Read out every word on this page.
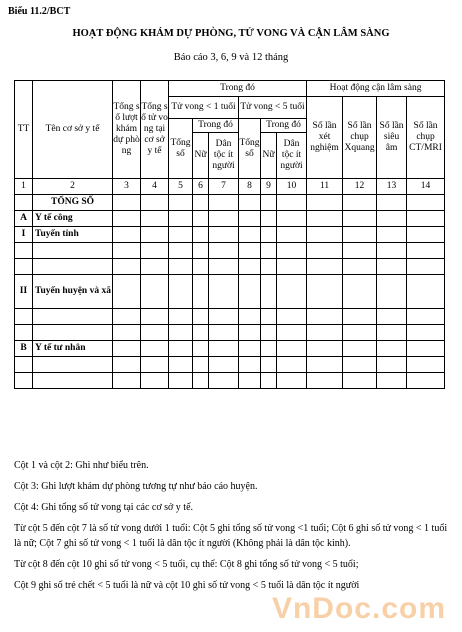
Biểu 11.2/BCT
HOẠT ĐỘNG KHÁM DỰ PHÒNG, TỬ VONG VÀ CẬN LÂM SÀNG
Báo cáo 3, 6, 9 và 12 tháng
TT	Tên cơ sở y tế	Tổng số lượt khám dự phòng	Tổng số tử vong tại cơ sở y tế	Trong đó						Hoạt động cận lâm sàng			
				Tử vong < 1 tuổi			Tử vong < 5 tuổi			Số lần xét nghiệm	Số lần chụp Xquang	Số lần siêu âm	Số lần chụp CT/MRI
				Tổng số	Trong đó		Tổng số	Trong đó					
					Nữ	Dân tộc ít người		Nữ	Dân tộc ít người				
1	2	3	4	5	6	7	8	9	10	11	12	13	14
	TỔNG SỐ												
A	Y tế công												
I	Tuyến tỉnh												

II	Tuyến huyện và xã												

B	Y tế tư nhân												

Cột 1 và cột 2: Ghi như biểu trên.

Cột 3: Ghi lượt khám dự phòng tương tự như báo cáo huyện.

Cột 4: Ghi tổng số tử vong tại các cơ sở y tế.

Từ cột 5 đến cột 7 là số tử vong dưới 1 tuổi: Cột 5 ghi tổng số tử vong <1 tuổi; Cột 6 ghi số tử vong < 1 tuổi là nữ; Cột 7 ghi số tử vong < 1 tuổi là dân tộc ít người (Không phải là dân tộc kinh).

Từ cột 8 đến cột 10 ghi số tử vong < 5 tuổi, cụ thể: Cột 8 ghi tổng số tử vong < 5 tuổi;

Cột 9 ghi số trẻ chết < 5 tuổi là nữ và cột 10 ghi số tử vong < 5 tuổi là dân tộc ít người

VnDoc.com
